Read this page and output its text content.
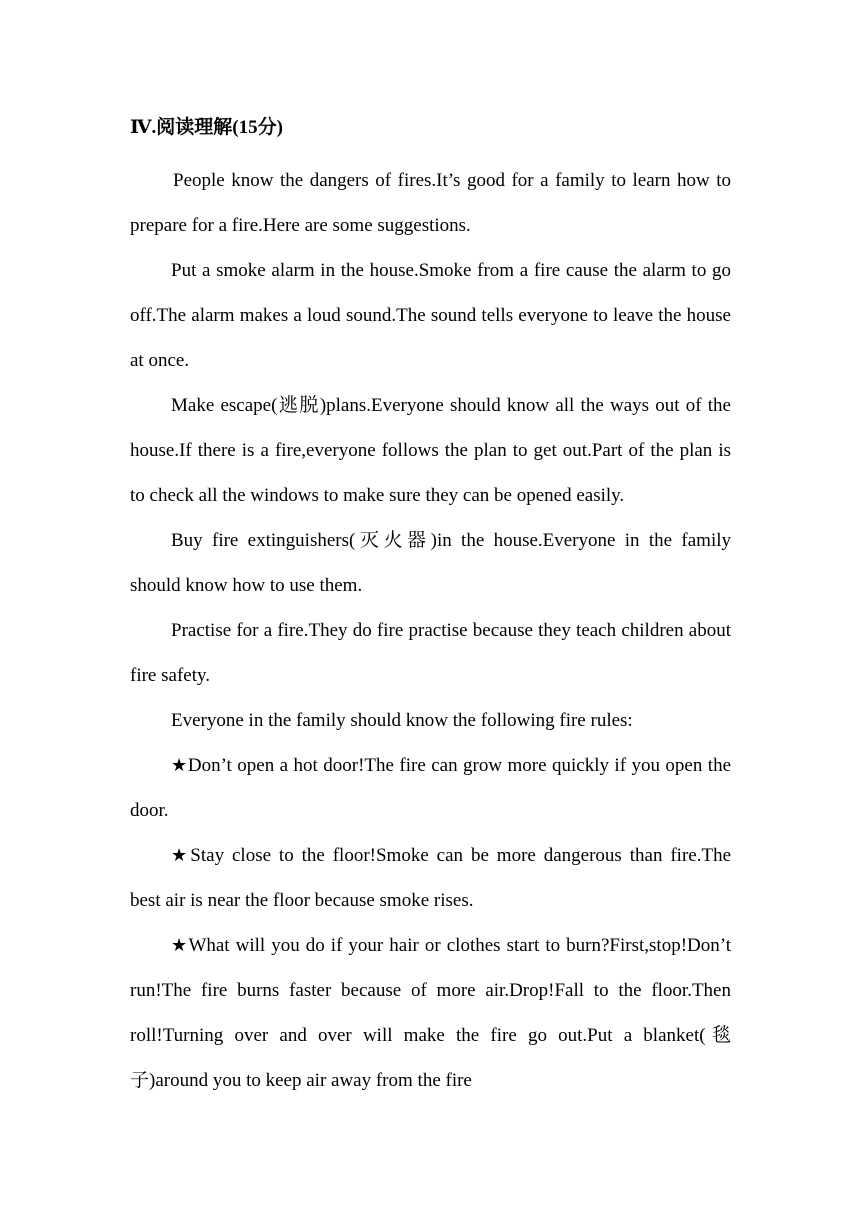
Ⅳ.阅读理解(15分)

People know the dangers of fires.It’s good for a family to learn how to prepare for a fire.Here are some suggestions.

Put a smoke alarm in the house.Smoke from a fire cause the alarm to go off.The alarm makes a loud sound.The sound tells everyone to leave the house at once.

Make escape(逃脱)plans.Everyone should know all the ways out of the house.If there is a fire,everyone follows the plan to get out.Part of the plan is to check all the windows to make sure they can be opened easily.

Buy fire extinguishers(灭火器)in the house.Everyone in the family should know how to use them.

Practise for a fire.They do fire practise because they teach children about fire safety.

Everyone in the family should know the following fire rules:

★Don’t open a hot door!The fire can grow more quickly if you open the door.

★Stay close to the floor!Smoke can be more dangerous than fire.The best air is near the floor because smoke rises.

★What will you do if your hair or clothes start to burn?First,stop!Don’t run!The fire burns faster because of more air.Drop!Fall to the floor.Then roll!Turning over and over will make the fire go out.Put a blanket(毯子)around you to keep air away from the fire
